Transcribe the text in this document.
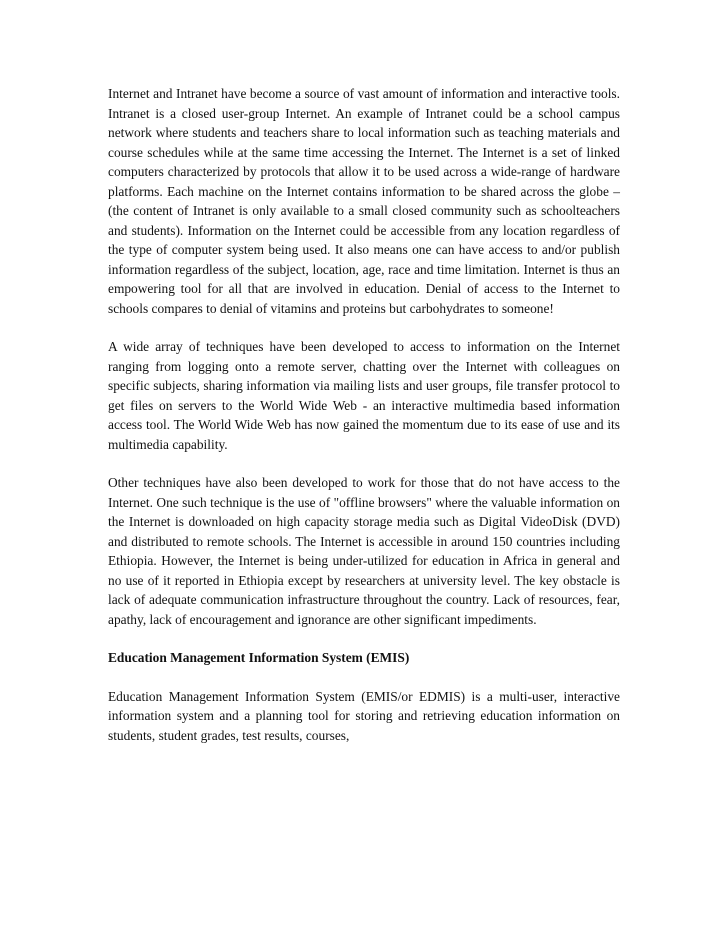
Internet and Intranet have become a source of vast amount of information and interactive tools. Intranet is a closed user-group Internet. An example of Intranet could be a school campus network where students and teachers share to local information such as teaching materials and course schedules while at the same time accessing the Internet. The Internet is a set of linked computers characterized by protocols that allow it to be used across a wide-range of hardware platforms. Each machine on the Internet contains information to be shared across the globe – (the content of Intranet is only available to a small closed community such as schoolteachers and students). Information on the Internet could be accessible from any location regardless of the type of computer system being used. It also means one can have access to and/or publish information regardless of the subject, location, age, race and time limitation. Internet is thus an empowering tool for all that are involved in education. Denial of access to the Internet to schools compares to denial of vitamins and proteins but carbohydrates to someone!

A wide array of techniques have been developed to access to information on the Internet ranging from logging onto a remote server, chatting over the Internet with colleagues on specific subjects, sharing information via mailing lists and user groups, file transfer protocol to get files on servers to the World Wide Web - an interactive multimedia based information access tool. The World Wide Web has now gained the momentum due to its ease of use and its multimedia capability.

Other techniques have also been developed to work for those that do not have access to the Internet. One such technique is the use of "offline browsers" where the valuable information on the Internet is downloaded on high capacity storage media such as Digital VideoDisk (DVD) and distributed to remote schools. The Internet is accessible in around 150 countries including Ethiopia. However, the Internet is being under-utilized for education in Africa in general and no use of it reported in Ethiopia except by researchers at university level. The key obstacle is lack of adequate communication infrastructure throughout the country. Lack of resources, fear, apathy, lack of encouragement and ignorance are other significant impediments.

Education Management Information System (EMIS)

Education Management Information System (EMIS/or EDMIS) is a multi-user, interactive information system and a planning tool for storing and retrieving education information on students, student grades, test results, courses,
